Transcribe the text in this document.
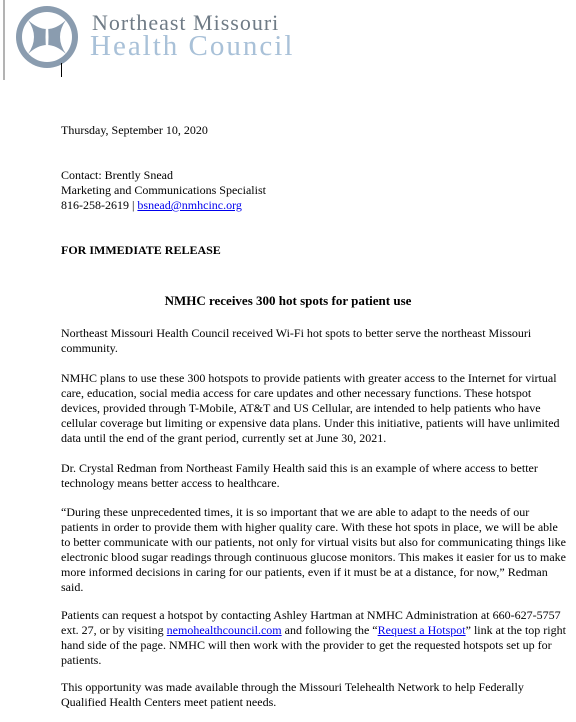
Northeast Missouri
Health Council
Thursday, September 10, 2020
Contact: Brently Snead
Marketing and Communications Specialist
816-258-2619 | bsnead@nmhcinc.org
FOR IMMEDIATE RELEASE
NMHC receives 300 hot spots for patient use
Northeast Missouri Health Council received Wi-Fi hot spots to better serve the northeast Missouri community.
NMHC plans to use these 300 hotspots to provide patients with greater access to the Internet for virtual care, education, social media access for care updates and other necessary functions. These hotspot devices, provided through T-Mobile, AT&T and US Cellular, are intended to help patients who have cellular coverage but limiting or expensive data plans. Under this initiative, patients will have unlimited data until the end of the grant period, currently set at June 30, 2021.
Dr. Crystal Redman from Northeast Family Health said this is an example of where access to better technology means better access to healthcare.
“During these unprecedented times, it is so important that we are able to adapt to the needs of our patients in order to provide them with higher quality care. With these hot spots in place, we will be able to better communicate with our patients, not only for virtual visits but also for communicating things like electronic blood sugar readings through continuous glucose monitors. This makes it easier for us to make more informed decisions in caring for our patients, even if it must be at a distance, for now,” Redman said.
Patients can request a hotspot by contacting Ashley Hartman at NMHC Administration at 660-627-5757 ext. 27, or by visiting nemohealthcouncil.com and following the “Request a Hotspot” link at the top right hand side of the page. NMHC will then work with the provider to get the requested hotspots set up for patients.
This opportunity was made available through the Missouri Telehealth Network to help Federally Qualified Health Centers meet patient needs.
